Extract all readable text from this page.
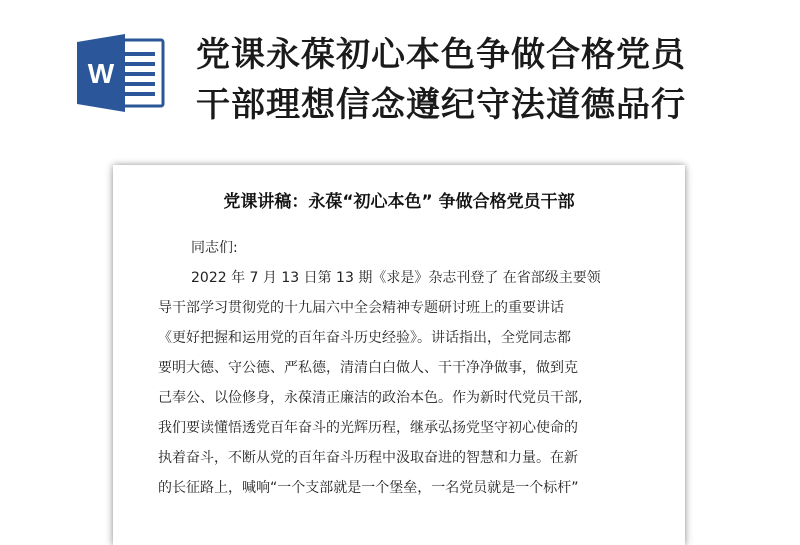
W 党课永葆初心本色争做合格党员
干部理想信念遵纪守法道德品行
党课讲稿：永葆“初心本色” 争做合格党员干部
同志们:
2022 年 7 月 13 日第 13 期《求是》杂志刊登了 在省部级主要领
导干部学习贯彻党的十九届六中全会精神专题研讨班上的重要讲话
《更好把握和运用党的百年奋斗历史经验》。讲话指出，全党同志都
要明大德、守公德、严私德，清清白白做人、干干净净做事，做到克
己奉公、以俭修身，永葆清正廉洁的政治本色。作为新时代党员干部,
我们要读懂悟透党百年奋斗的光辉历程，继承弘扬党坚守初心使命的
执着奋斗，不断从党的百年奋斗历程中汲取奋进的智慧和力量。在新
的长征路上，喊响“一个支部就是一个堡垒，一名党员就是一个标杆”
